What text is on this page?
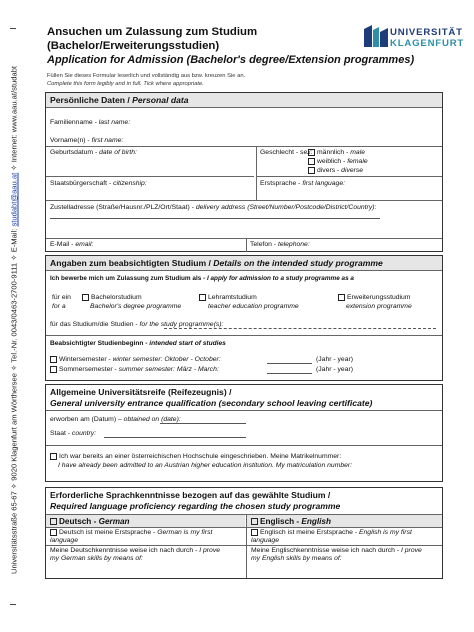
Universitätsstraße 65-67 ✧ 9020 Klagenfurt am Wörthersee ✧ Tel.-Nr. 0043/0463-2700-9111 ✧ E-Mail: studabt@aau.at ✧ Internet: www.aau.at/studabt
Ansuchen um Zulassung zum Studium
(Bachelor/Erweiterungsstudien)
Application for Admission (Bachelor's degree/Extension programmes)
UNIVERSITÄT
KLAGENFURT
Füllen Sie dieses Formular leserlich und vollständig aus bzw. kreuzen Sie an.
Complete this form legibly and in full. Tick where appropriate.
Persönliche Daten / Personal data
Familienname - last name:
Vorname(n) - first name:
Geburtsdatum - date of birth:	Geschlecht - sex: männlich - male
weiblich - female
divers - diverse
Staatsbürgerschaft - citizenship:	Erstsprache - first language:
Zustelladresse (Straße/Hausnr./PLZ/Ort/Staat) - delivery address (Street/Number/Postcode/District/Country):
E-Mail - email:	Telefon - telephone:
Angaben zum beabsichtigten Studium / Details on the intended study programme
Ich bewerbe mich um Zulassung zum Studium als - I apply for admission to a study programme as a
für ein
for a
Bachelorstudium
Bachelor's degree programme
Lehramtstudium
teacher education programme
Erweiterungsstudium
extension programme
für das Studium/die Studien - for the study programme(s):
Beabsichtigter Studienbeginn - intended start of studies
Wintersemester - winter semester: Oktober - October:	(Jahr - year)
Sommersemester - summer semester: März - March:	(Jahr - year)
Allgemeine Universitätsreife (Reifezeugnis) /
General university entrance qualification (secondary school leaving certificate)
erworben am (Datum) – obtained on (date):
Staat - country:
Ich war bereits an einer österreichischen Hochschule eingeschrieben. Meine Matrikelnummer:
I have already been admitted to an Austrian higher education institution. My matriculation number:
Erforderliche Sprachkenntnisse bezogen auf das gewählte Studium /
Required language proficiency regarding the chosen study programme
Deutsch - German	Englisch - English
Deutsch ist meine Erstsprache - German is my first
language
Englisch ist meine Erstsprache - English is my first
language
Meine Deutschkenntnisse weise ich nach durch - I prove
my German skills by means of:
Meine Englischkenntnisse weise ich nach durch - I prove
my English skills by means of:
